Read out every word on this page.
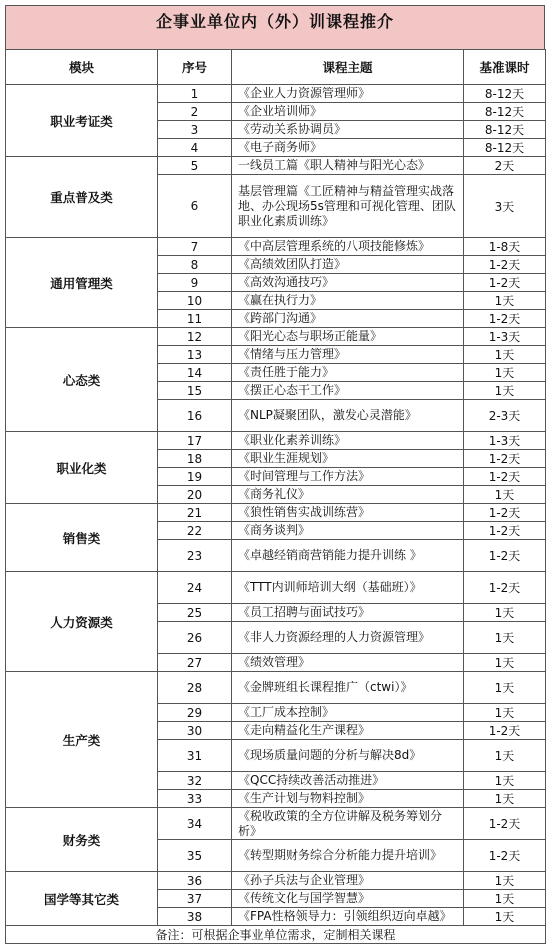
企事业单位内（外）训课程推介
模块	序号	课程主题	基准课时
职业考证类	1	《企业人力资源管理师》	8-12天
	2	《企业培训师》	8-12天
	3	《劳动关系协调员》	8-12天
	4	《电子商务师》	8-12天
重点普及类	5	一线员工篇《职人精神与阳光心态》	2天
	6	基层管理篇《工匠精神与精益管理实战落地、办公现场5s管理和可视化管理、团队职业化素质训练》	3天
通用管理类	7	《中高层管理系统的八项技能修炼》	1-8天
	8	《高绩效团队打造》	1-2天
	9	《高效沟通技巧》	1-2天
	10	《赢在执行力》	1天
	11	《跨部门沟通》	1-2天
心态类	12	《阳光心态与职场正能量》	1-3天
	13	《情绪与压力管理》	1天
	14	《责任胜于能力》	1天
	15	《摆正心态干工作》	1天
	16	《NLP凝聚团队，激发心灵潜能》	2-3天
职业化类	17	《职业化素养训练》	1-3天
	18	《职业生涯规划》	1-2天
	19	《时间管理与工作方法》	1-2天
	20	《商务礼仪》	1天
销售类	21	《狼性销售实战训练营》	1-2天
	22	《商务谈判》	1-2天
	23	《卓越经销商营销能力提升训练 》	1-2天
人力资源类	24	《TTT内训师培训大纲（基础班）》	1-2天
	25	《员工招聘与面试技巧》	1天
	26	《非人力资源经理的人力资源管理》	1天
	27	《绩效管理》	1天
生产类	28	《金牌班组长课程推广（ctwi）》	1天
	29	《工厂成本控制》	1天
	30	《走向精益化生产课程》	1-2天
	31	《现场质量问题的分析与解决8d》	1天
	32	《QCC持续改善活动推进》	1天
	33	《生产计划与物料控制》	1天
财务类	34	《税收政策的全方位讲解及税务筹划分析》	1-2天
	35	《转型期财务综合分析能力提升培训》	1-2天
国学等其它类	36	《孙子兵法与企业管理》	1天
	37	《传统文化与国学智慧》	1天
	38	《FPA性格领导力：引领组织迈向卓越》	1天
备注：可根据企事业单位需求，定制相关课程			
